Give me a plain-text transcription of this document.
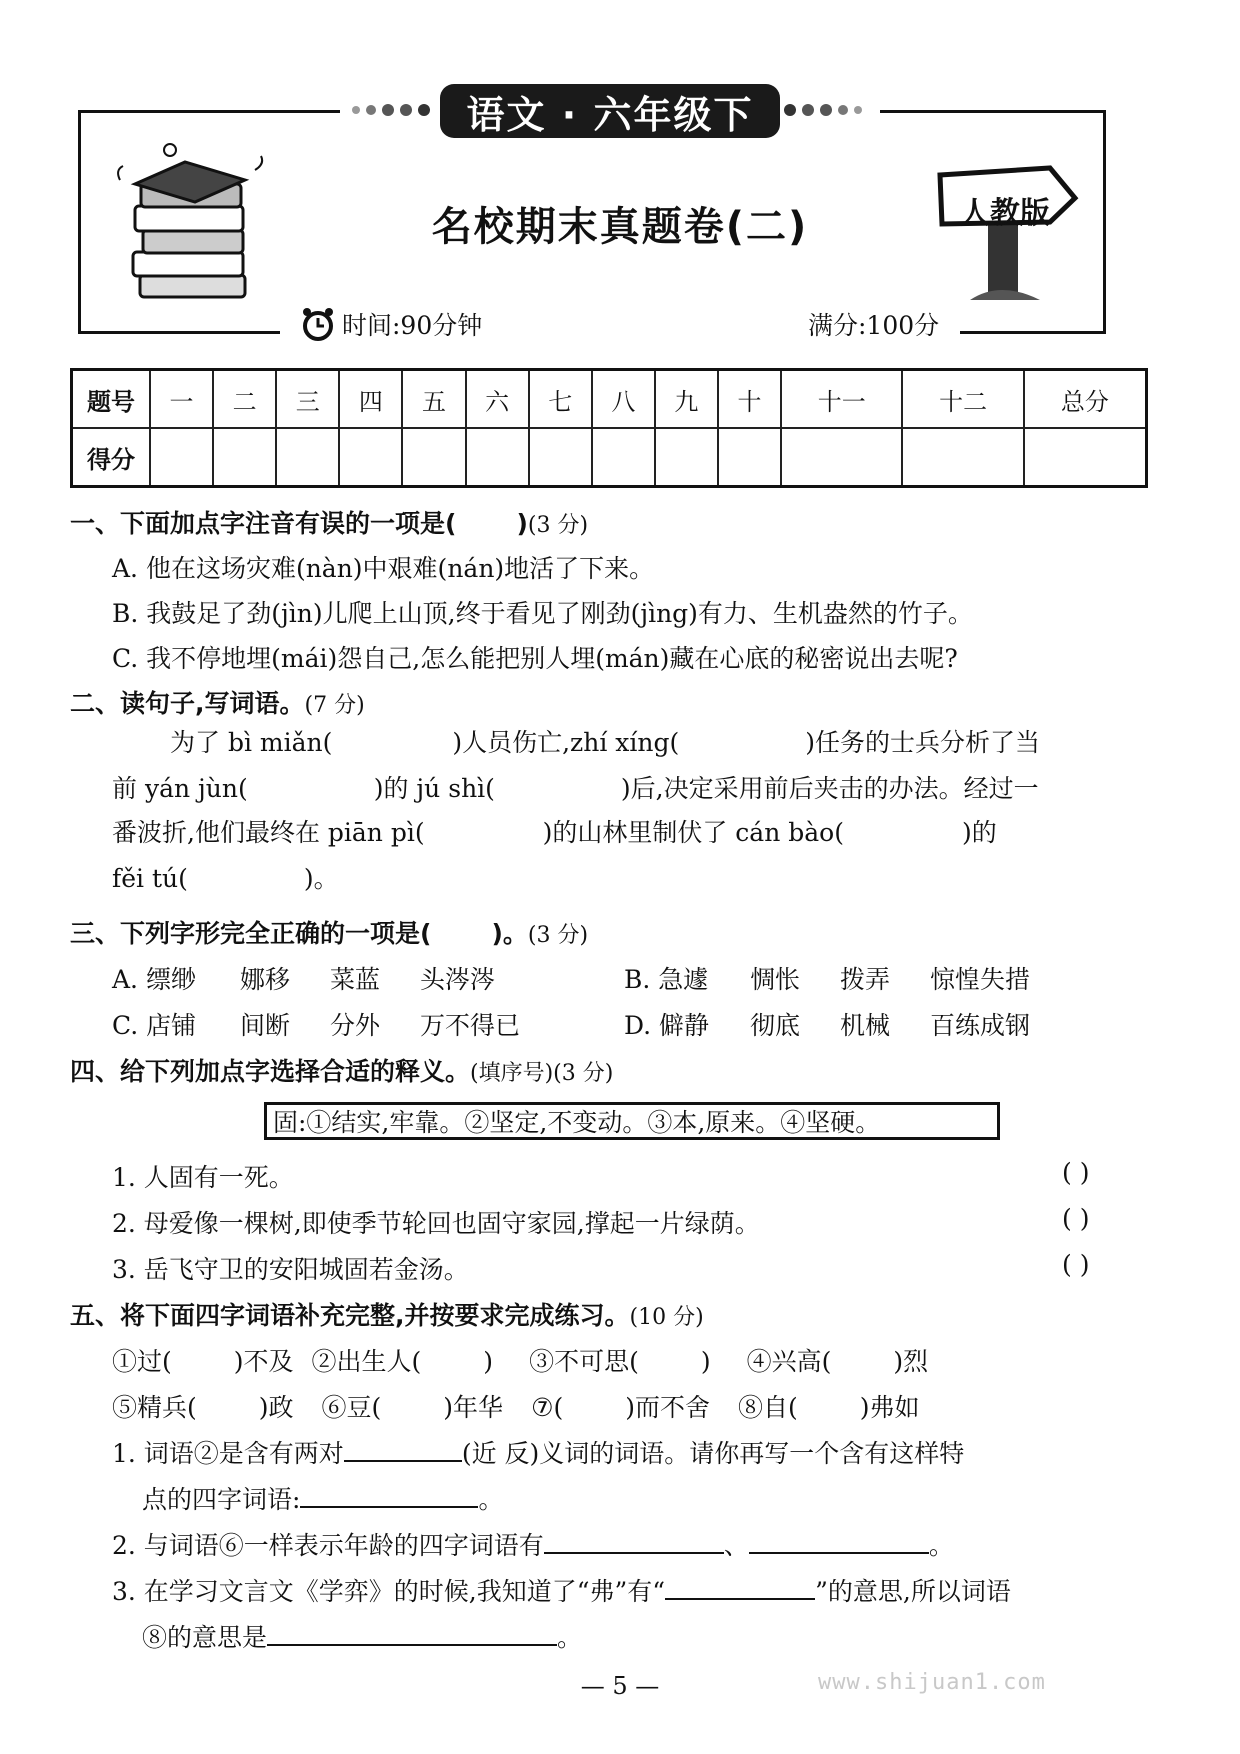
语文 · 六年级下
名校期末真题卷(二)	人教版
时间:90分钟	满分:100分
题号	一	二	三	四	五	六	七	八	九	十	十一	十二	总分
得分													
一、下面加点字注音有误的一项是( )(3 分)
A. 他在这场灾难(nàn)中艰难(nán)地活了下来。
B. 我鼓足了劲(jìn)儿爬上山顶,终于看见了刚劲(jìng)有力、生机盎然的竹子。
C. 我不停地埋(mái)怨自己,怎么能把别人埋(mán)藏在心底的秘密说出去呢?
二、读句子,写词语。(7 分)
为了 bì miǎn(	)人员伤亡,zhí xíng(	)任务的士兵分析了当
前 yán jùn(	)的 jú shì(	)后,决定采用前后夹击的办法。经过一
番波折,他们最终在 piān pì(	)的山林里制伏了 cán bào(	)的
fěi tú(	)。
三、下列字形完全正确的一项是( )。(3 分)
A. 缥缈 娜移 菜蓝 头涔涔	B. 急遽 惆怅 拨弄 惊惶失措
C. 店铺 间断 分外 万不得已	D. 僻静 彻底 机械 百练成钢
四、给下列加点字选择合适的释义。(填序号)(3 分)
固:①结实,牢靠。②坚定,不变动。③本,原来。④坚硬。
1. 人固有一死。	( )
2. 母爱像一棵树,即使季节轮回也固守家园,撑起一片绿荫。	( )
3. 岳飞守卫的安阳城固若金汤。	( )
五、将下面四字词语补充完整,并按要求完成练习。(10 分)
①过( )不及 ②出生人( ) ③不可思( ) ④兴高( )烈
⑤精兵( )政 ⑥豆( )年华 ⑦( )而不舍 ⑧自( )弗如
1. 词语②是含有两对	(近 反)义词的词语。请你再写一个含有这样特
点的四字词语:	。
2. 与词语⑥一样表示年龄的四字词语有	、	。
3. 在学习文言文《学弈》的时候,我知道了“弗”有“	”的意思,所以词语
⑧的意思是	。
— 5 —	www.shijuan1.com
